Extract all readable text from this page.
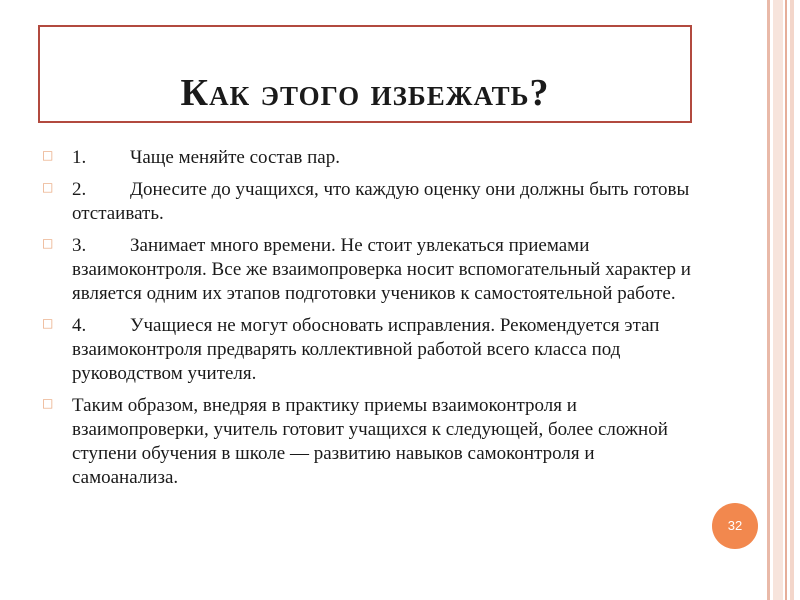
Как этого избежать?
□ 1. Чаще меняйте состав пар.
□ 2. Донесите до учащихся, что каждую оценку они должны быть готовы отстаивать.
□ 3. Занимает много времени. Не стоит увлекаться приемами взаимоконтроля. Все же взаимопроверка носит вспомогательный характер и является одним их этапов подготовки учеников к самостоятельной работе.
□ 4. Учащиеся не могут обосновать исправления. Рекомендуется этап взаимоконтроля предварять коллективной работой всего класса под руководством учителя.
□ Таким образом, внедряя в практику приемы взаимоконтроля и взаимопроверки, учитель готовит учащихся к следующей, более сложной ступени обучения в школе — развитию навыков самоконтроля и самоанализа.
32
